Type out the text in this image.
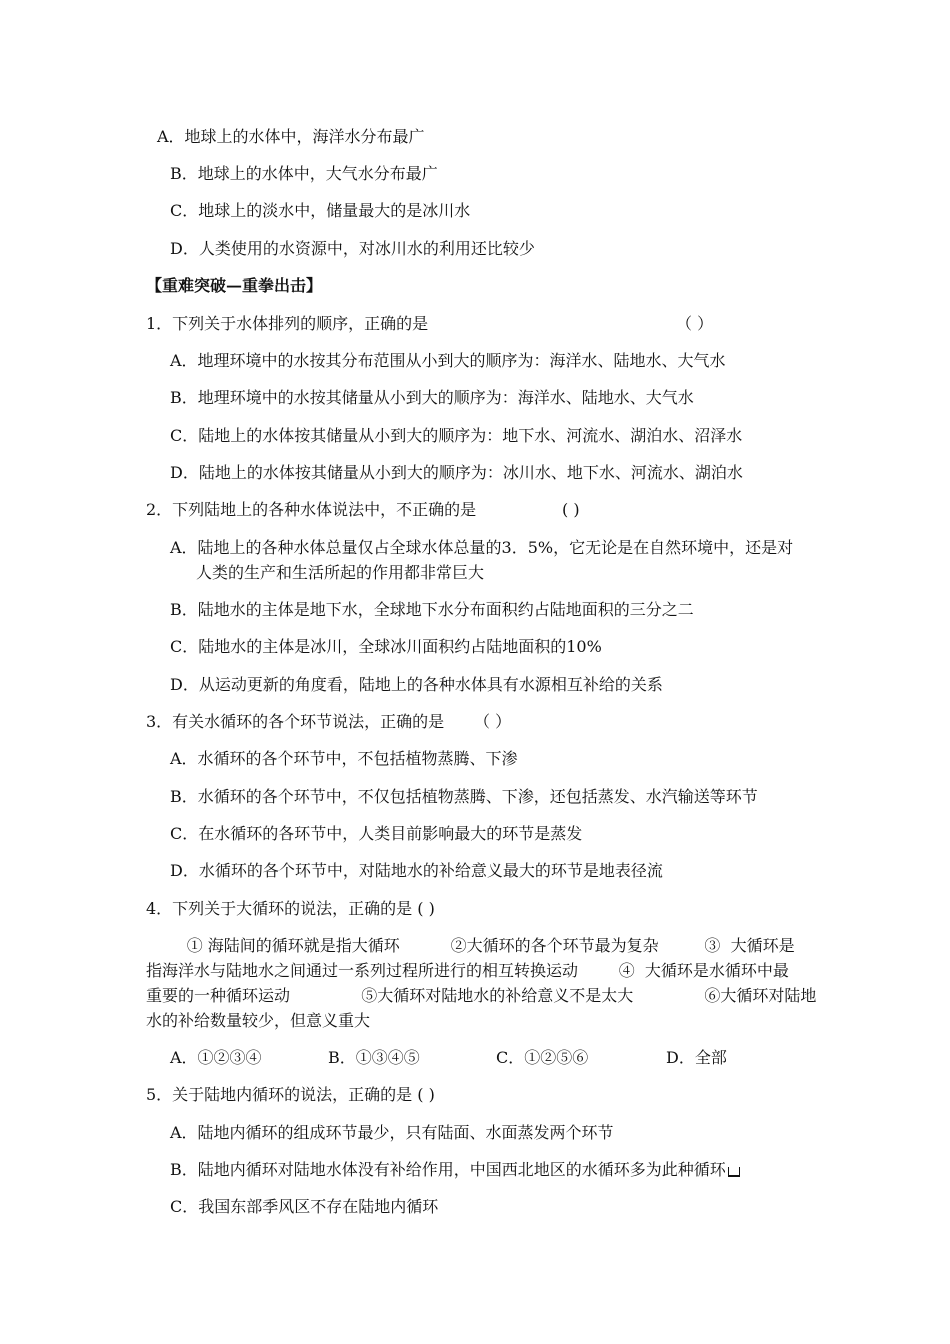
A．地球上的水体中，海洋水分布最广
B．地球上的水体中，大气水分布最广
C．地球上的淡水中，储量最大的是冰川水
D．人类使用的水资源中，对冰川水的利用还比较少
【重难突破—重拳出击】
1．下列关于水体排列的顺序，正确的是	（ ）
A．地理环境中的水按其分布范围从小到大的顺序为：海洋水、陆地水、大气水
B．地理环境中的水按其储量从小到大的顺序为：海洋水、陆地水、大气水
C．陆地上的水体按其储量从小到大的顺序为：地下水、河流水、湖泊水、沼泽水
D．陆地上的水体按其储量从小到大的顺序为：冰川水、地下水、河流水、湖泊水
2．下列陆地上的各种水体说法中，不正确的是	( )
A．陆地上的各种水体总量仅占全球水体总量的3．5%，它无论是在自然环境中，还是对
人类的生产和生活所起的作用都非常巨大
B．陆地水的主体是地下水，全球地下水分布面积约占陆地面积的三分之二
C．陆地水的主体是冰川，全球冰川面积约占陆地面积的10%
D．从运动更新的角度看，陆地上的各种水体具有水源相互补给的关系
3．有关水循环的各个环节说法，正确的是 （ ）
A．水循环的各个环节中，不包括植物蒸腾、下渗
B．水循环的各个环节中，不仅包括植物蒸腾、下渗，还包括蒸发、水汽输送等环节
C．在水循环的各环节中，人类目前影响最大的环节是蒸发
D．水循环的各个环节中，对陆地水的补给意义最大的环节是地表径流
4．下列关于大循环的说法，正确的是 ( )
① 海陆间的循环就是指大循环          ②大循环的各个环节最为复杂         ③  大循环是
指海洋水与陆地水之间通过一系列过程所进行的相互转换运动        ④  大循环是水循环中最
重要的一种循环运动              ⑤大循环对陆地水的补给意义不是太大              ⑥大循环对陆地
水的补给数量较少，但意义重大
A．①②③④	B．①③④⑤	C．①②⑤⑥	D．全部
5．关于陆地内循环的说法，正确的是 ( )
A．陆地内循环的组成环节最少，只有陆面、水面蒸发两个环节
B．陆地内循环对陆地水体没有补给作用，中国西北地区的水循环多为此种循环
C．我国东部季风区不存在陆地内循环
